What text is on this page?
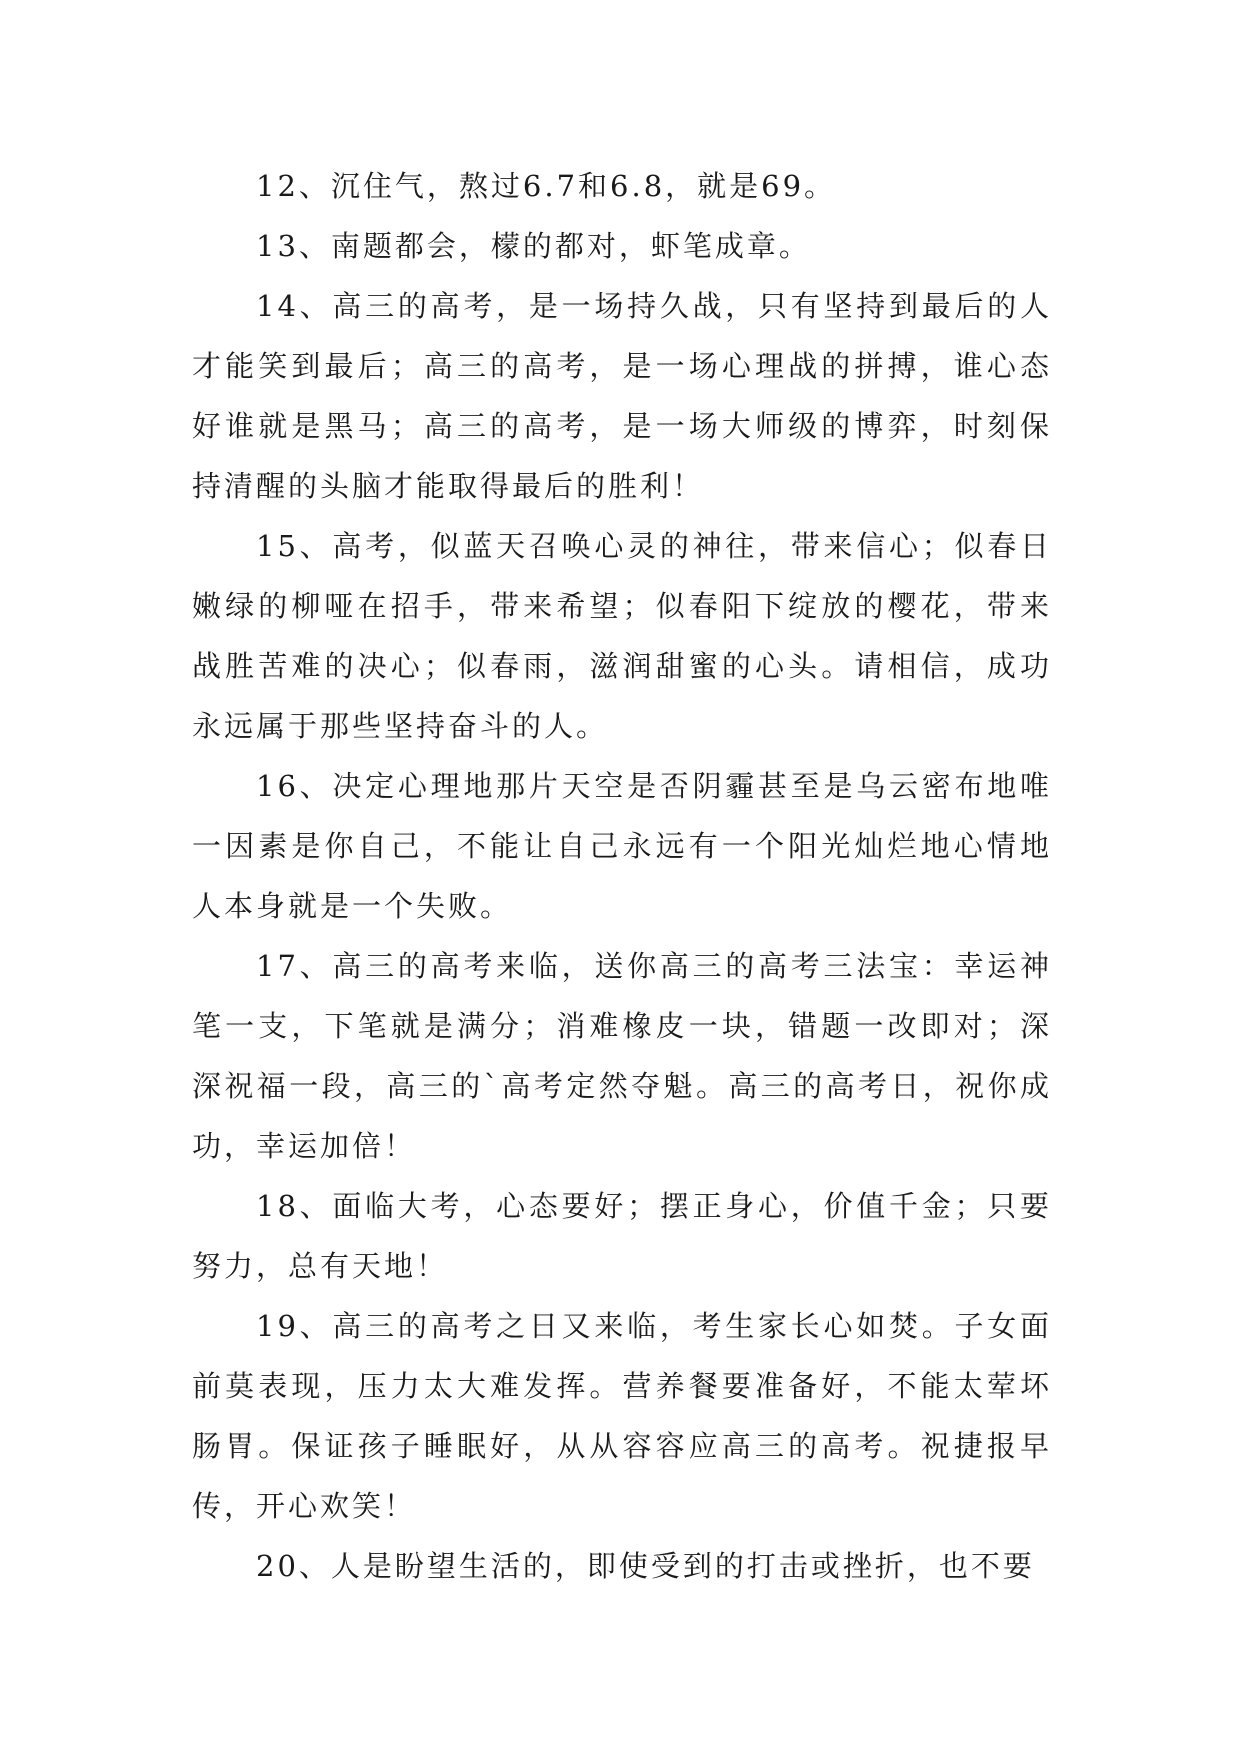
12、沉住气，熬过6.7和6.8，就是69。

13、南题都会，檬的都对，虾笔成章。

14、高三的高考，是一场持久战，只有坚持到最后的人才能笑到最后；高三的高考，是一场心理战的拼搏，谁心态好谁就是黑马；高三的高考，是一场大师级的博弈，时刻保持清醒的头脑才能取得最后的胜利！

15、高考，似蓝天召唤心灵的神往，带来信心；似春日嫩绿的柳哑在招手，带来希望；似春阳下绽放的樱花，带来战胜苦难的决心；似春雨，滋润甜蜜的心头。请相信，成功永远属于那些坚持奋斗的人。

16、决定心理地那片天空是否阴霾甚至是乌云密布地唯一因素是你自己，不能让自己永远有一个阳光灿烂地心情地人本身就是一个失败。

17、高三的高考来临，送你高三的高考三法宝：幸运神笔一支，下笔就是满分；消难橡皮一块，错题一改即对；深深祝福一段，高三的`高考定然夺魁。高三的高考日，祝你成功，幸运加倍！

18、面临大考，心态要好；摆正身心，价值千金；只要努力，总有天地！

19、高三的高考之日又来临，考生家长心如焚。子女面前莫表现，压力太大难发挥。营养餐要准备好，不能太荤坏肠胃。保证孩子睡眠好，从从容容应高三的高考。祝捷报早传，开心欢笑！

20、人是盼望生活的，即使受到的打击或挫折，也不要
